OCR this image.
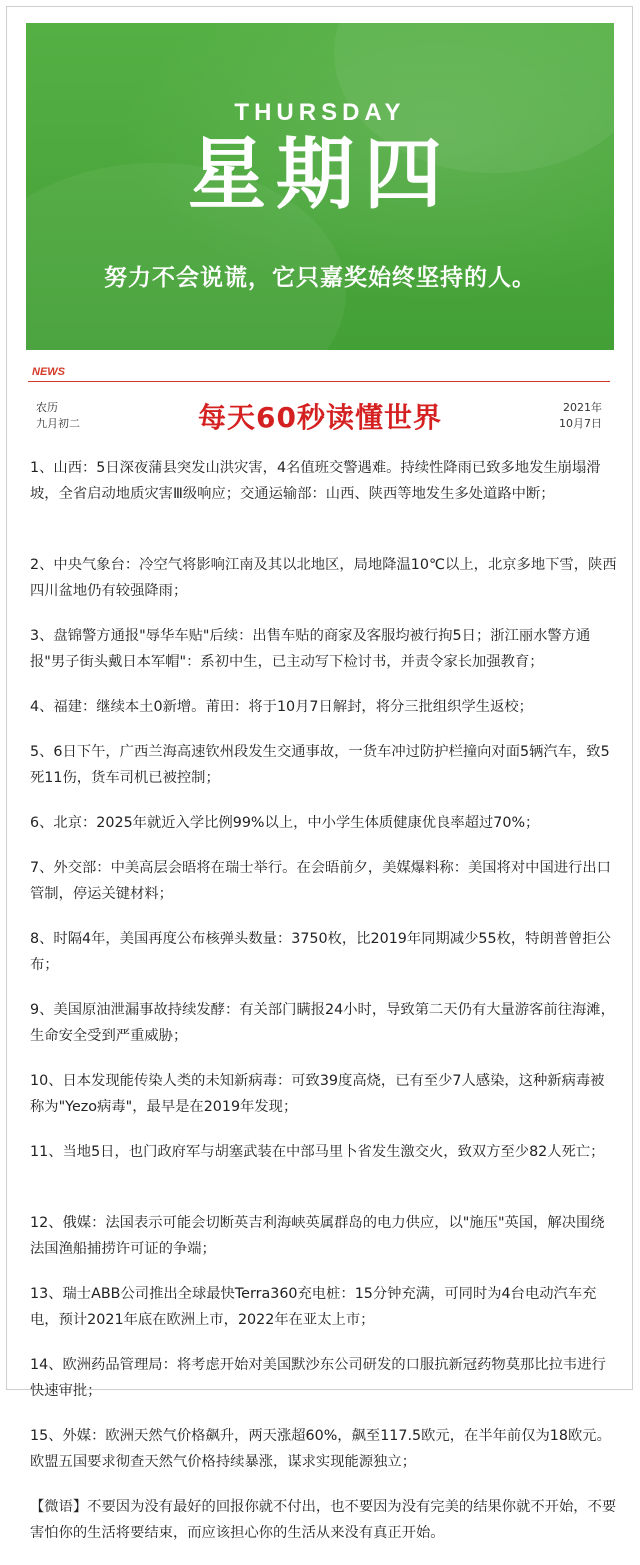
THURSDAY
星期四
努力不会说谎，它只嘉奖始终坚持的人。
NEWS
农历
九月初二	每天60秒读懂世界	2021年
10月7日

1、山西：5日深夜蒲县突发山洪灾害，4名值班交警遇难。持续性降雨已致多地发生崩塌滑坡，全省启动地质灾害Ⅲ级响应；交通运输部：山西、陕西等地发生多处道路中断；

2、中央气象台：冷空气将影响江南及其以北地区，局地降温10℃以上，北京多地下雪，陕西四川盆地仍有较强降雨；

3、盘锦警方通报"辱华车贴"后续：出售车贴的商家及客服均被行拘5日；浙江丽水警方通报"男子街头戴日本军帽"：系初中生，已主动写下检讨书，并责令家长加强教育；

4、福建：继续本土0新增。莆田：将于10月7日解封，将分三批组织学生返校；

5、6日下午，广西兰海高速钦州段发生交通事故，一货车冲过防护栏撞向对面5辆汽车，致5死11伤，货车司机已被控制；

6、北京：2025年就近入学比例99%以上，中小学生体质健康优良率超过70%；

7、外交部：中美高层会晤将在瑞士举行。在会晤前夕，美媒爆料称：美国将对中国进行出口管制，停运关键材料；

8、时隔4年，美国再度公布核弹头数量：3750枚，比2019年同期减少55枚，特朗普曾拒公布；

9、美国原油泄漏事故持续发酵：有关部门瞒报24小时，导致第二天仍有大量游客前往海滩，生命安全受到严重威胁；

10、日本发现能传染人类的未知新病毒：可致39度高烧，已有至少7人感染，这种新病毒被称为"Yezo病毒"，最早是在2019年发现；

11、当地5日，也门政府军与胡塞武装在中部马里卜省发生激交火，致双方至少82人死亡；

12、俄媒：法国表示可能会切断英吉利海峡英属群岛的电力供应，以"施压"英国，解决围绕法国渔船捕捞许可证的争端；

13、瑞士ABB公司推出全球最快Terra360充电桩：15分钟充满，可同时为4台电动汽车充电，预计2021年底在欧洲上市，2022年在亚太上市；

14、欧洲药品管理局：将考虑开始对美国默沙东公司研发的口服抗新冠药物莫那比拉韦进行快速审批；

15、外媒：欧洲天然气价格飙升，两天涨超60%，飙至117.5欧元，在半年前仅为18欧元。欧盟五国要求彻查天然气价格持续暴涨，谋求实现能源独立；

【微语】不要因为没有最好的回报你就不付出，也不要因为没有完美的结果你就不开始，不要害怕你的生活将要结束，而应该担心你的生活从来没有真正开始。
